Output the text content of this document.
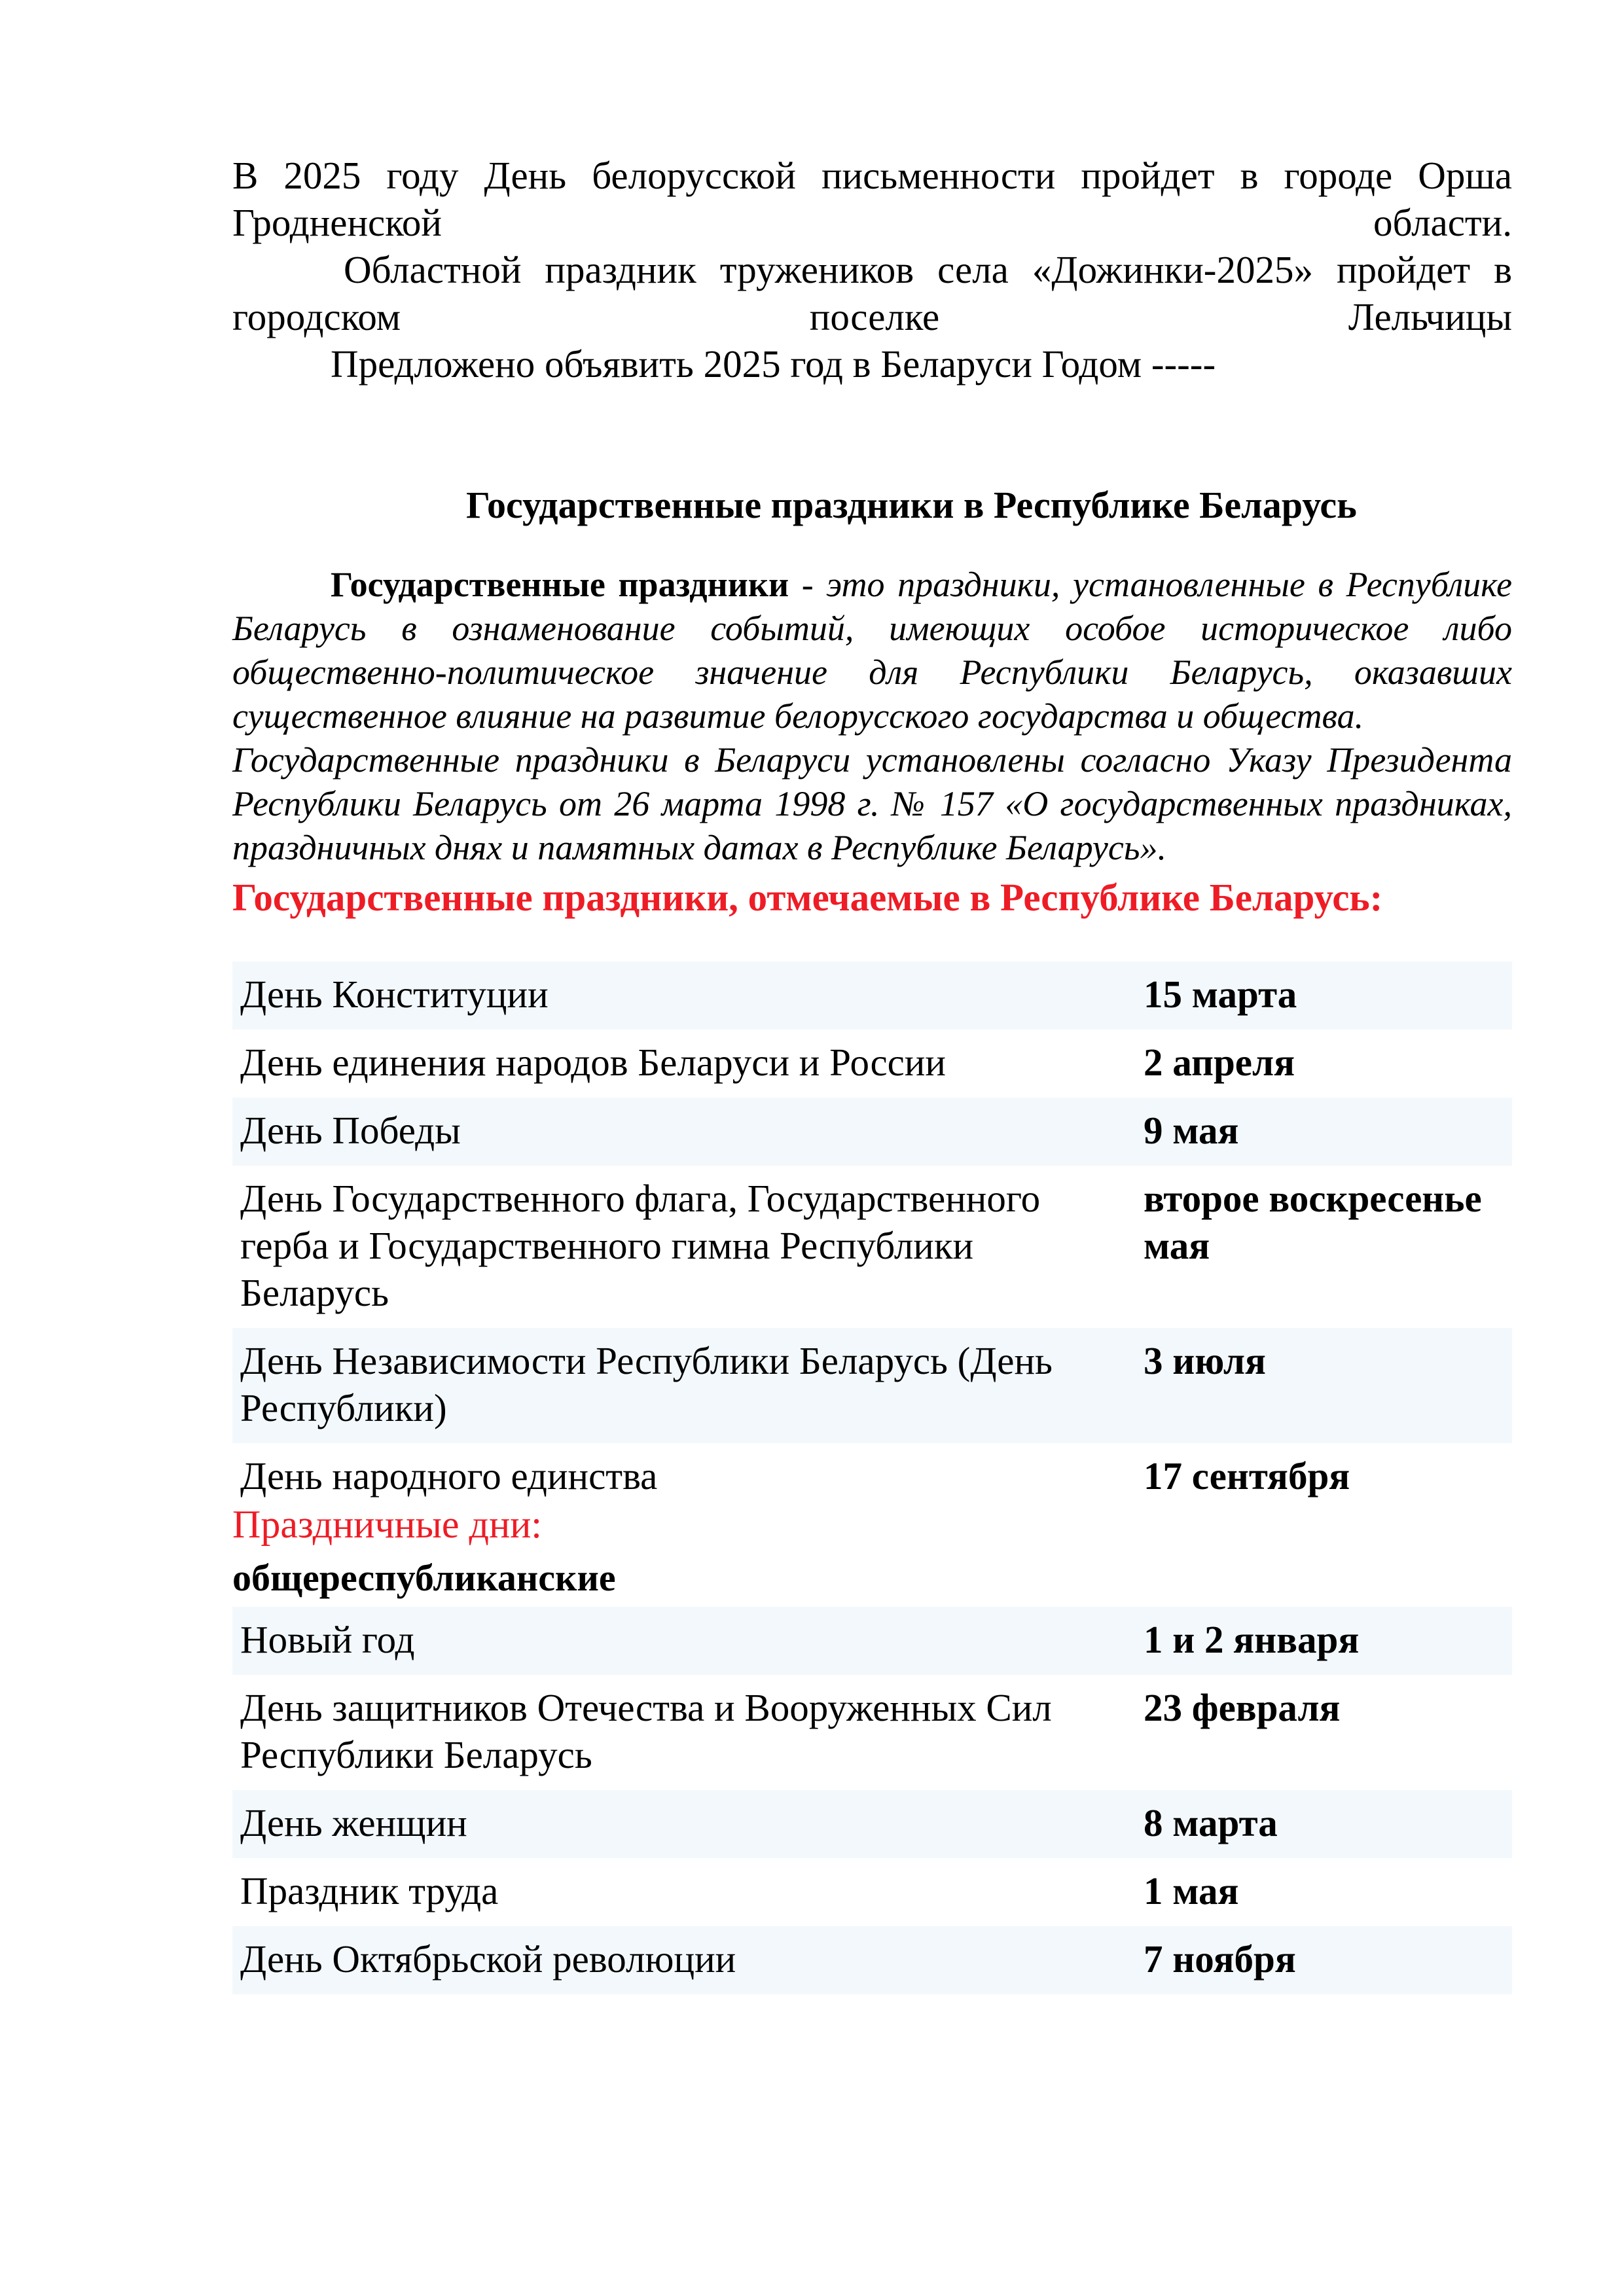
В 2025 году День белорусской письменности пройдет в городе Орша Гродненской области.

Областной праздник тружеников села «Дожинки-2025» пройдет в городском поселке Лельчицы

Предложено объявить 2025 год в Беларуси Годом -----

Государственные праздники в Республике Беларусь

Государственные праздники - это праздники, установленные в Республике Беларусь в ознаменование событий, имеющих особое историческое либо общественно-политическое значение для Республики Беларусь, оказавших существенное влияние на развитие белорусского государства и общества.

Государственные праздники в Беларуси установлены согласно Указу Президента Республики Беларусь от 26 марта 1998 г. № 157 «О государственных праздниках, праздничных днях и памятных датах в Республике Беларусь».

Государственные праздники, отмечаемые в Республике Беларусь:

День Конституции	15 марта
День единения народов Беларуси и России	2 апреля
День Победы	9 мая
День Государственного флага, Государственного герба и Государственного гимна Республики Беларусь	второе воскресенье мая
День Независимости Республики Беларусь (День Республики)	3 июля
День народного единства	17 сентября

Праздничные дни:

общереспубликанские

Новый год	1 и 2 января
День защитников Отечества и Вооруженных Сил Республики Беларусь	23 февраля
День женщин	8 марта
Праздник труда	1 мая
День Октябрьской революции	7 ноября
